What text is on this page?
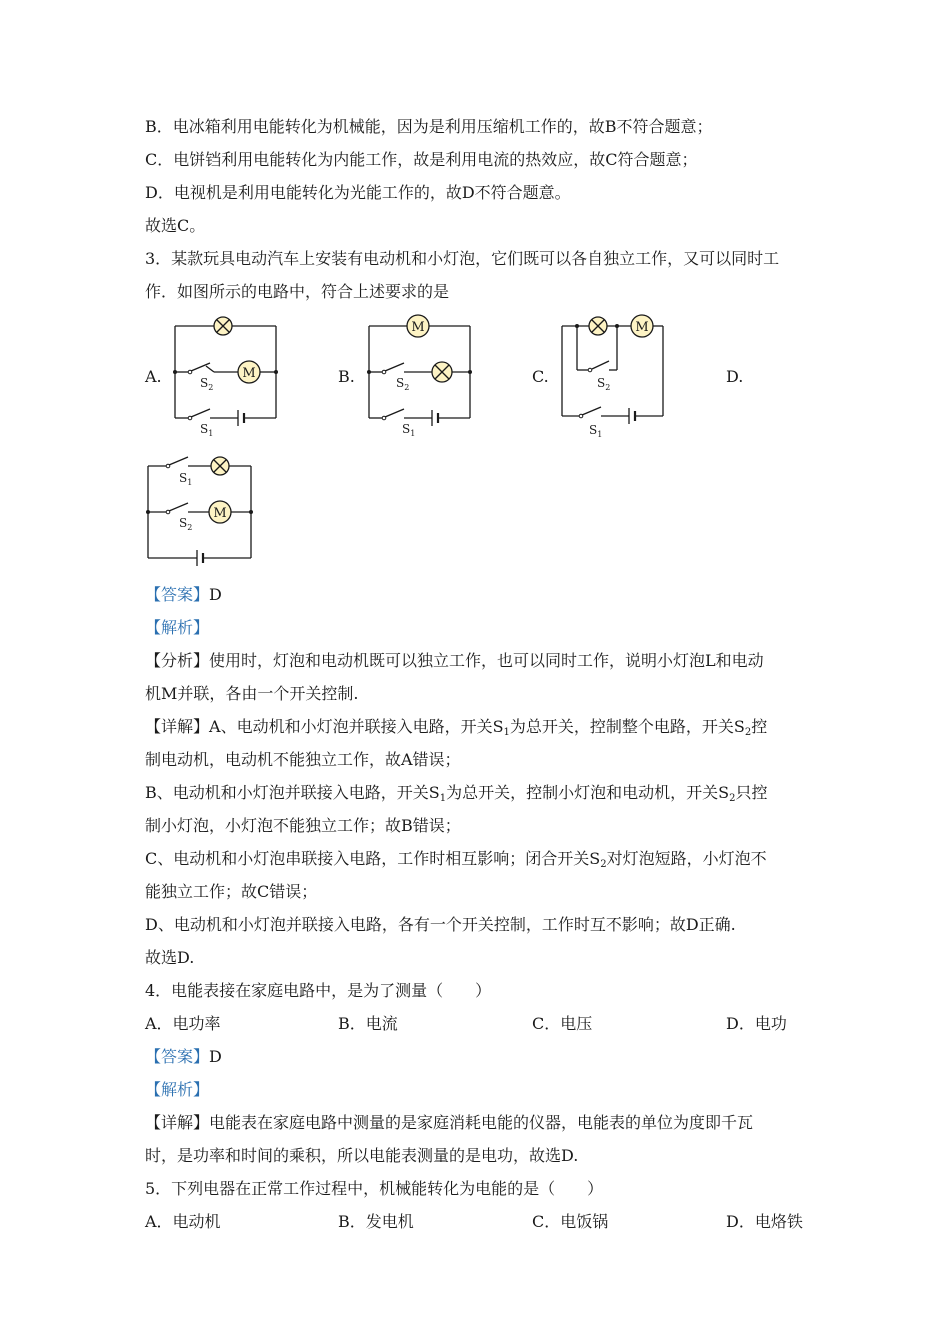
B．电冰箱利用电能转化为机械能，因为是利用压缩机工作的，故B不符合题意；
C．电饼铛利用电能转化为内能工作，故是利用电流的热效应，故C符合题意；
D．电视机是利用电能转化为光能工作的，故D不符合题意。
故选C。
3．某款玩具电动汽车上安装有电动机和小灯泡，它们既可以各自独立工作，又可以同时工
作．如图所示的电路中，符合上述要求的是
A.	B.	C.	D.
M
$S_2$
$S_1$
M
$S_2$
$S_1$
M
$S_2$
$S_1$
M
$S_1$
$S_2$
【答案】D
【解析】
【分析】使用时，灯泡和电动机既可以独立工作，也可以同时工作，说明小灯泡L和电动
机M并联，各由一个开关控制.
【详解】A、电动机和小灯泡并联接入电路，开关$S_1$为总开关，控制整个电路，开关$S_2$控
制电动机，电动机不能独立工作，故A错误；
B、电动机和小灯泡并联接入电路，开关$S_1$为总开关，控制小灯泡和电动机，开关$S_2$只控
制小灯泡，小灯泡不能独立工作；故B错误；
C、电动机和小灯泡串联接入电路，工作时相互影响；闭合开关$S_2$对灯泡短路，小灯泡不
能独立工作；故C错误；
D、电动机和小灯泡并联接入电路，各有一个开关控制，工作时互不影响；故D正确.
故选D.
4．电能表接在家庭电路中，是为了测量（　　）
A．电功率	B．电流	C．电压	D．电功
【答案】D
【解析】
【详解】电能表在家庭电路中测量的是家庭消耗电能的仪器，电能表的单位为度即千瓦
时，是功率和时间的乘积，所以电能表测量的是电功，故选D.
5．下列电器在正常工作过程中，机械能转化为电能的是（　　）
A．电动机	B．发电机	C．电饭锅	D．电烙铁
